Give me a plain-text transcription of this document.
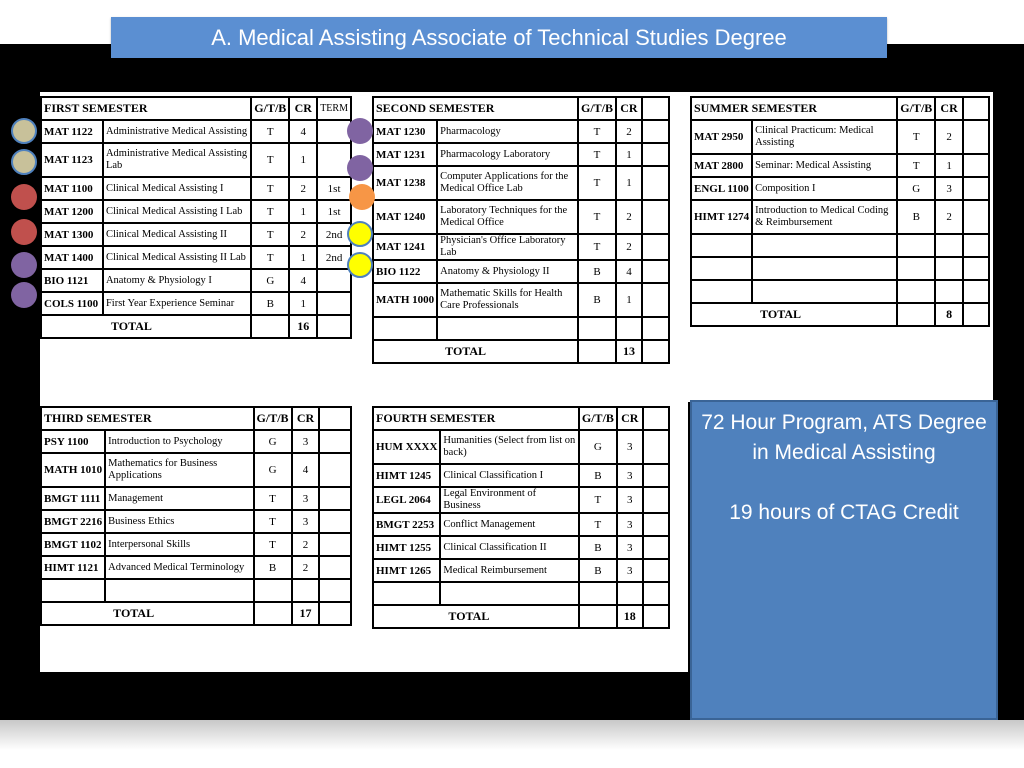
A. Medical Assisting Associate of Technical Studies Degree
FIRST SEMESTER		G/T/B	CR	TERM
MAT 1122	Administrative Medical Assisting	T	4	
MAT 1123	Administrative Medical Assisting Lab	T	1	
MAT 1100	Clinical Medical Assisting I	T	2	1st
MAT 1200	Clinical Medical Assisting I Lab	T	1	1st
MAT 1300	Clinical Medical Assisting II	T	2	2nd
MAT 1400	Clinical Medical Assisting II Lab	T	1	2nd
BIO 1121	Anatomy & Physiology I	G	4	
COLS 1100	First Year Experience Seminar	B	1	
	TOTAL		16	
SECOND SEMESTER		G/T/B	CR	
MAT 1230	Pharmacology	T	2	
MAT 1231	Pharmacology Laboratory	T	1	
MAT 1238	Computer Applications for the Medical Office Lab	T	1	
MAT 1240	Laboratory Techniques for the Medical Office	T	2	
MAT 1241	Physician's Office Laboratory Lab	T	2	
BIO 1122	Anatomy & Physiology II	B	4	
MATH 1000	Mathematic Skills for Health Care Professionals	B	1	

	TOTAL		13	
SUMMER SEMESTER		G/T/B	CR	
MAT 2950	Clinical Practicum: Medical Assisting	T	2	
MAT 2800	Seminar: Medical Assisting	T	1	
ENGL 1100	Composition I	G	3	
HIMT 1274	Introduction to Medical Coding & Reimbursement	B	2	

	TOTAL		8	
THIRD SEMESTER		G/T/B	CR	
PSY 1100	Introduction to Psychology	G	3	
MATH 1010	Mathematics for Business Applications	G	4	
BMGT 1111	Management	T	3	
BMGT 2216	Business Ethics	T	3	
BMGT 1102	Interpersonal Skills	T	2	
HIMT 1121	Advanced Medical Terminology	B	2	

	TOTAL		17	
FOURTH SEMESTER		G/T/B	CR	
HUM XXXX	Humanities (Select from list on back)	G	3	
HIMT 1245	Clinical Classification I	B	3	
LEGL 2064	Legal Environment of Business	T	3	
BMGT 2253	Conflict Management	T	3	
HIMT 1255	Clinical Classification II	B	3	
HIMT 1265	Medical Reimbursement	B	3	

	TOTAL		18	

72 Hour Program, ATS Degree in Medical Assisting

19 hours of CTAG Credit
